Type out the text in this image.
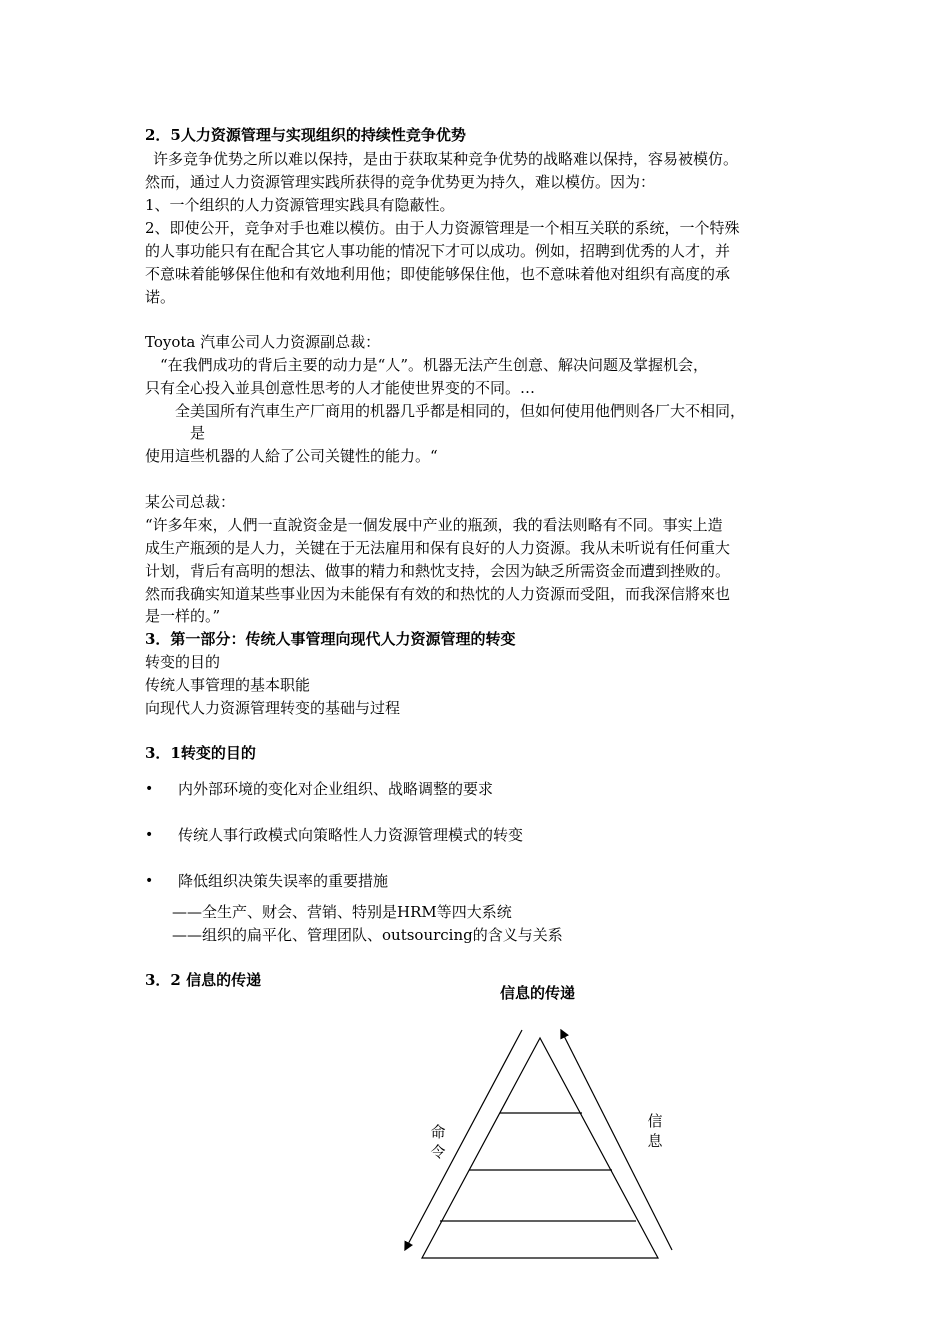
2．5人力资源管理与实现组织的持续性竞争优势
许多竞争优势之所以难以保持，是由于获取某种竞争优势的战略难以保持，容易被模仿。
然而，通过人力资源管理实践所获得的竞争优势更为持久，难以模仿。因为：
1、一个组织的人力资源管理实践具有隐蔽性。
2、即使公开，竞争对手也难以模仿。由于人力资源管理是一个相互关联的系统，一个特殊
的人事功能只有在配合其它人事功能的情况下才可以成功。例如，招聘到优秀的人才，并
不意味着能够保住他和有效地利用他；即使能够保住他，也不意味着他对组织有高度的承
诺。
Toyota 汽車公司人力资源副总裁：
“在我們成功的背后主要的动力是“人”。机器无法产生创意、解决问题及掌握机会，
只有全心投入並具创意性思考的人才能使世界变的不同。…
全美国所有汽車生产厂商用的机器几乎都是相同的，但如何使用他們则各厂大不相同，
是
使用這些机器的人給了公司关键性的能力。“
某公司总裁：
“许多年來，人們一直說资金是一個发展中产业的瓶颈，我的看法则略有不同。事实上造
成生产瓶颈的是人力，关键在于无法雇用和保有良好的人力资源。我从未听说有任何重大
计划，背后有高明的想法、做事的精力和熱忱支持，会因为缺乏所需资金而遭到挫败的。
然而我确实知道某些事业因为未能保有有效的和热忱的人力资源而受阻，而我深信將來也
是一样的。”
3．第一部分：传统人事管理向现代人力资源管理的转变
转变的目的
传统人事管理的基本职能
向现代人力资源管理转变的基础与过程
3．1转变的目的
• 内外部环境的变化对企业组织、战略调整的要求
• 传统人事行政模式向策略性人力资源管理模式的转变
• 降低组织决策失误率的重要措施
——全生产、财会、营销、特别是HRM等四大系统
——组织的扁平化、管理团队、outsourcing的含义与关系
3．2 信息的传递
信息的传递
命
令
信
息
